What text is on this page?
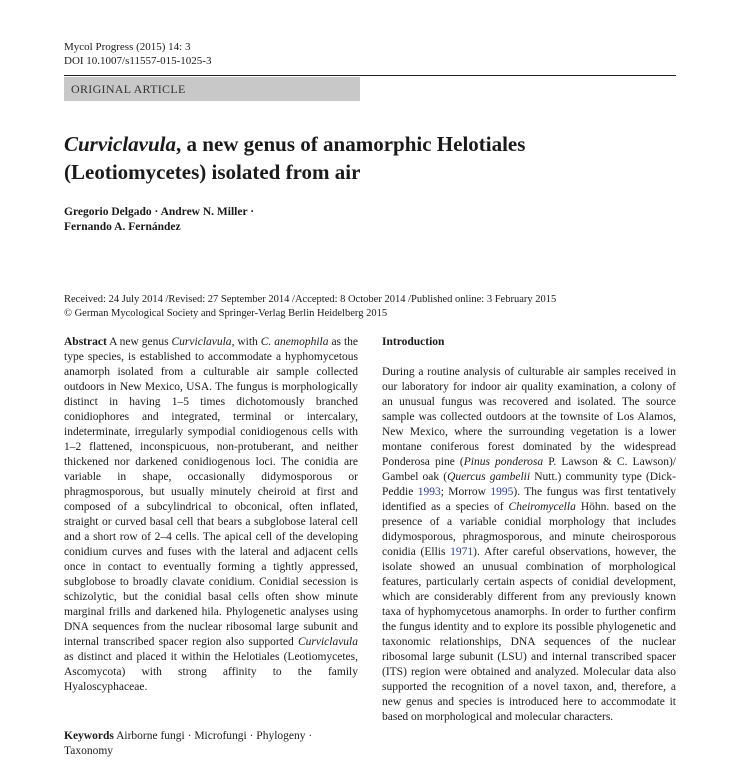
Mycol Progress (2015) 14: 3
DOI 10.1007/s11557-015-1025-3
ORIGINAL ARTICLE
Curviclavula, a new genus of anamorphic Helotiales (Leotiomycetes) isolated from air
Gregorio Delgado · Andrew N. Miller ·
Fernando A. Fernández
Received: 24 July 2014 /Revised: 27 September 2014 /Accepted: 8 October 2014 /Published online: 3 February 2015
© German Mycological Society and Springer-Verlag Berlin Heidelberg 2015

Abstract A new genus Curviclavula, with C. anemophila as the type species, is established to accommodate a hyphomycetous anamorph isolated from a culturable air sample collected outdoors in New Mexico, USA. The fungus is morphologically distinct in having 1–5 times dichotomously branched conidiophores and integrated, terminal or intercalary, indeterminate, irregularly sympodial conidiogenous cells with 1–2 flattened, inconspicuous, non-protuberant, and neither thickened nor darkened conidiogenous loci. The conidia are variable in shape, occasionally didymosporous or phragmosporous, but usually minutely cheiroid at first and composed of a subcylindrical to obconical, often inflated, straight or curved basal cell that bears a subglobose lateral cell and a short row of 2–4 cells. The apical cell of the developing conidium curves and fuses with the lateral and adjacent cells once in contact to eventually forming a tightly appressed, subglobose to broadly clavate conidium. Conidial secession is schizolytic, but the conidial basal cells often show minute marginal frills and darkened hila. Phylogenetic analyses using DNA sequences from the nuclear ribosomal large subunit and internal transcribed spacer region also supported Curviclavula as distinct and placed it within the Helotiales (Leotiomycetes, Ascomycota) with strong affinity to the family Hyaloscyphaceae.

Keywords Airborne fungi · Microfungi · Phylogeny · Taxonomy
Introduction

During a routine analysis of culturable air samples received in our laboratory for indoor air quality examination, a colony of an unusual fungus was recovered and isolated. The source sample was collected outdoors at the townsite of Los Alamos, New Mexico, where the surrounding vegetation is a lower montane coniferous forest dominated by the widespread Ponderosa pine (Pinus ponderosa P. Lawson & C. Lawson)/ Gambel oak (Quercus gambelii Nutt.) community type (Dick-Peddie 1993; Morrow 1995). The fungus was first tentatively identified as a species of Cheiromycella Höhn. based on the presence of a variable conidial morphology that includes didymosporous, phragmosporous, and minute cheirosporous conidia (Ellis 1971). After careful observations, however, the isolate showed an unusual combination of morphological features, particularly certain aspects of conidial development, which are considerably different from any previously known taxa of hyphomycetous anamorphs. In order to further confirm the fungus identity and to explore its possible phylogenetic and taxonomic relationships, DNA sequences of the nuclear ribosomal large subunit (LSU) and internal transcribed spacer (ITS) region were obtained and analyzed. Molecular data also supported the recognition of a novel taxon, and, therefore, a new genus and species is introduced here to accommodate it based on morphological and molecular characters.
